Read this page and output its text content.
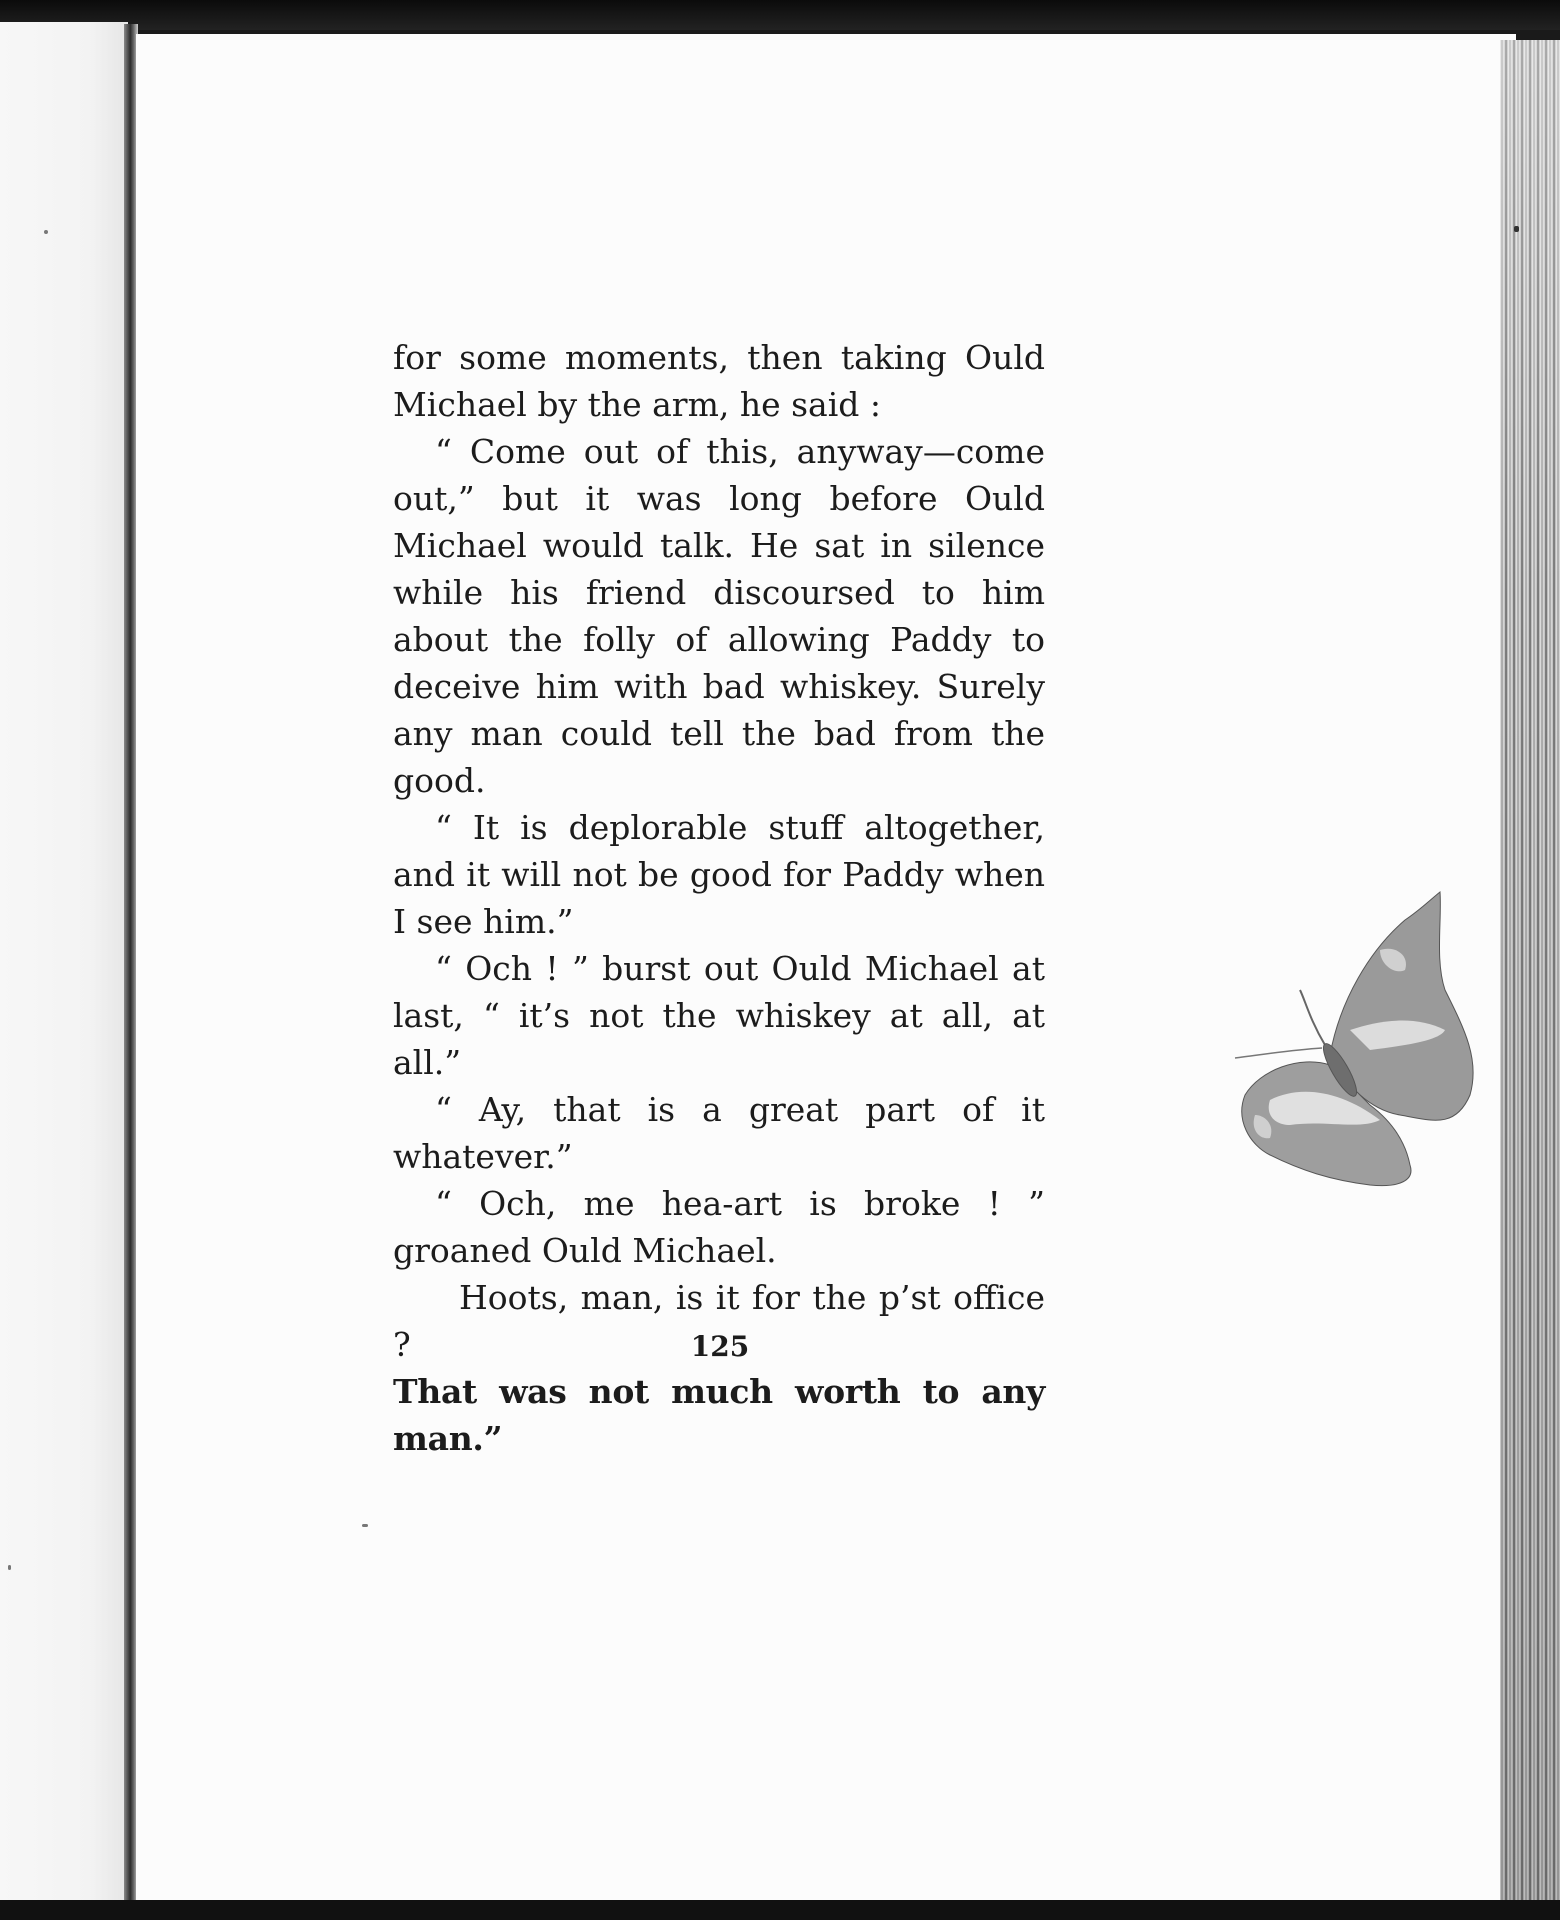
for some moments, then taking Ould Michael by the arm, he said :

“ Come out of this, anyway—come out,” but it was long before Ould Michael would talk. He sat in silence while his friend discoursed to him about the folly of allowing Paddy to deceive him with bad whiskey. Surely any man could tell the bad from the good.

“ It is deplorable stuff altogether, and it will not be good for Paddy when I see him.”

“ Och ! ” burst out Ould Michael at last, “ it’s not the whiskey at all, at all.”

“ Ay, that is a great part of it whatever.”

“ Och, me hea-art is broke ! ” groaned Ould Michael.

Hoots, man, is it for the p’st office ?

That was not much worth to any man.”

125
